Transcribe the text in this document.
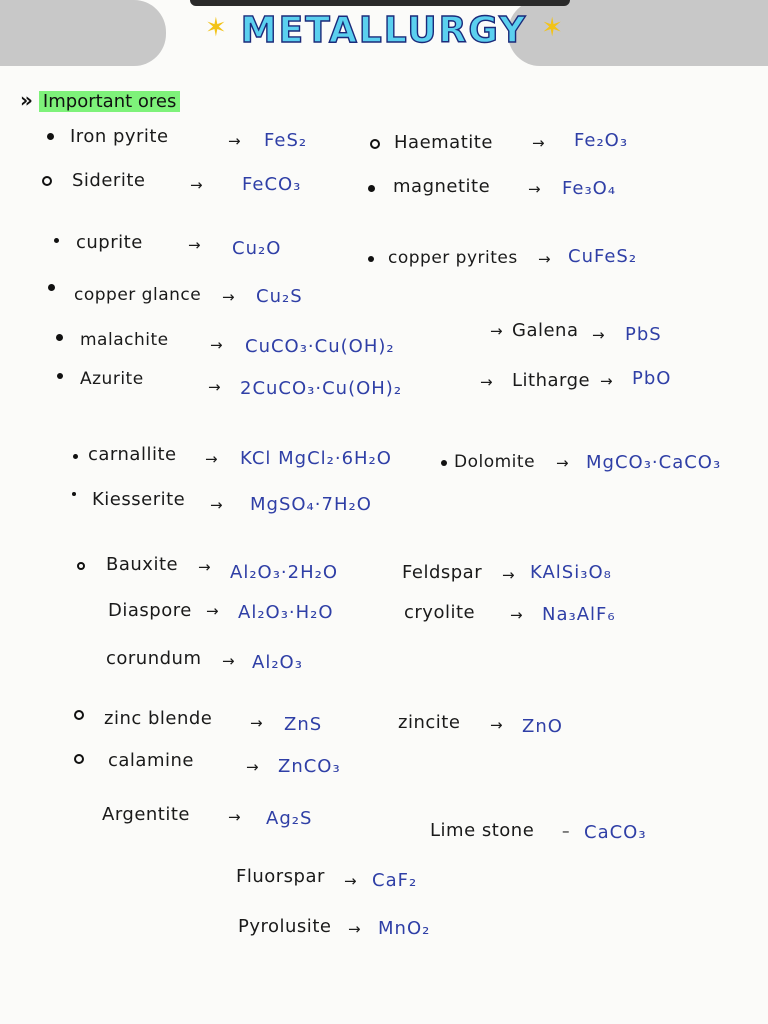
✶ METALLURGY ✶
» Important ores
Iron pyrite	→ FeS₂	Haematite	→ Fe₂O₃
Siderite	→ FeCO₃	magnetite	→ Fe₃O₄
cuprite	→ Cu₂O	copper pyrites → CuFeS₂
copper glance → Cu₂S
malachite	→ CuCO₃·Cu(OH)₂
→ Galena → PbS
Azurite	→ 2CuCO₃·Cu(OH)₂	→ Litharge → PbO
carnallite → KCl MgCl₂·6H₂O	Dolomite → MgCO₃·CaCO₃
Kiesserite → MgSO₄·7H₂O
Bauxite → Al₂O₃·2H₂O	Feldspar → KAlSi₃O₈
Diaspore → Al₂O₃·H₂O	cryolite → Na₃AlF₆
corundum → Al₂O₃
zinc blende	→ ZnS	zincite → ZnO
calamine	→ ZnCO₃
Argentite	→ Ag₂S
Lime stone – CaCO₃
Fluorspar → CaF₂
Pyrolusite → MnO₂
